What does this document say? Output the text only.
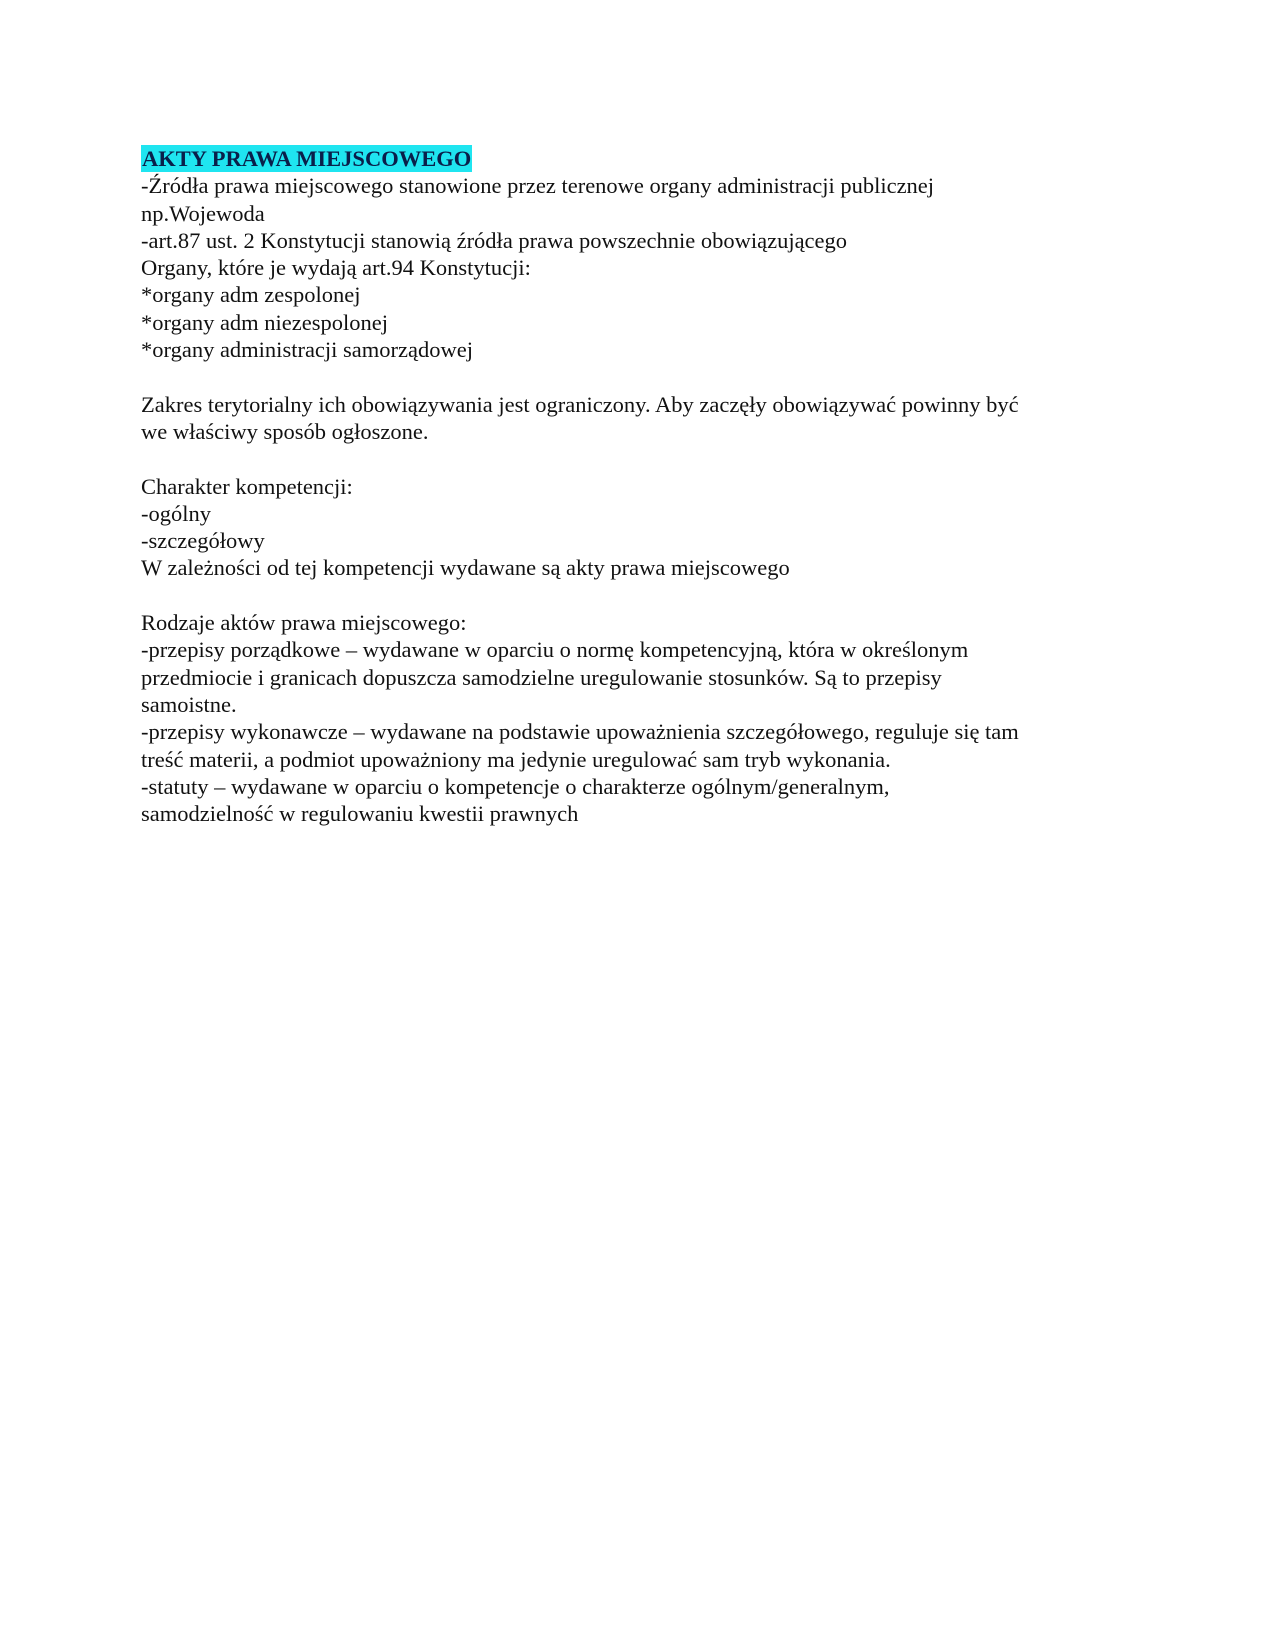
AKTY PRAWA MIEJSCOWEGO
-Źródła prawa miejscowego stanowione przez terenowe organy administracji publicznej
np.Wojewoda
-art.87 ust. 2 Konstytucji stanowią źródła prawa powszechnie obowiązującego
Organy, które je wydają art.94 Konstytucji:
*organy adm zespolonej
*organy adm niezespolonej
*organy administracji samorządowej
Zakres terytorialny ich obowiązywania jest ograniczony. Aby zaczęły obowiązywać powinny być
we właściwy sposób ogłoszone.
Charakter kompetencji:
-ogólny
-szczegółowy
W zależności od tej kompetencji wydawane są akty prawa miejscowego
Rodzaje aktów prawa miejscowego:
-przepisy porządkowe – wydawane w oparciu o normę kompetencyjną, która w określonym
przedmiocie i granicach dopuszcza samodzielne uregulowanie stosunków. Są to przepisy
samoistne.
-przepisy wykonawcze – wydawane na podstawie upoważnienia szczegółowego, reguluje się tam
treść materii, a podmiot upoważniony ma jedynie uregulować sam tryb wykonania.
-statuty – wydawane w oparciu o kompetencje o charakterze ogólnym/generalnym,
samodzielność w regulowaniu kwestii prawnych
